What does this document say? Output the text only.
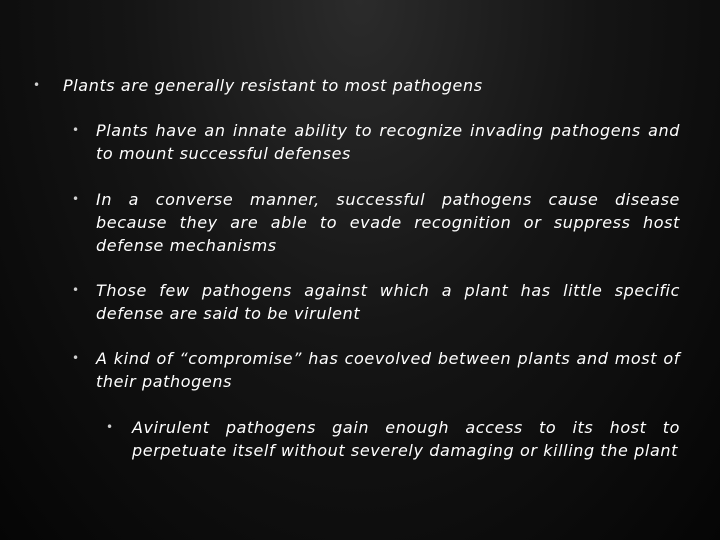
• Plants are generally resistant to most pathogens
• Plants have an innate ability to recognize invading pathogens and to mount successful defenses
• In a converse manner, successful pathogens cause disease because they are able to evade recognition or suppress host defense mechanisms
• Those few pathogens against which a plant has little specific defense are said to be virulent
• A kind of “compromise” has coevolved between plants and most of their pathogens
• Avirulent pathogens gain enough access to its host to perpetuate itself without severely damaging or killing the plant
